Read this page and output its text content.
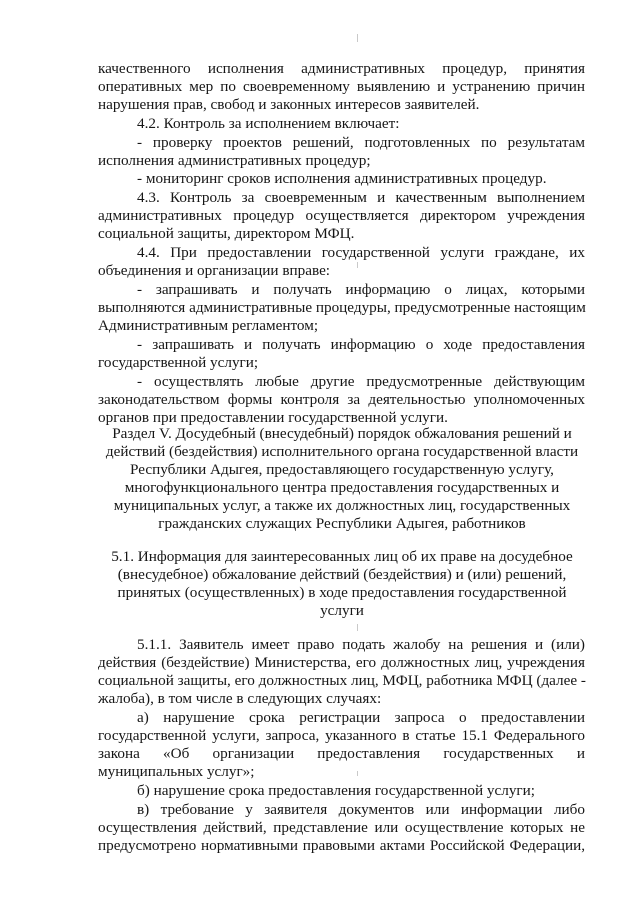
качественного исполнения административных процедур, принятия
оперативных мер по своевременному выявлению и устранению причин
нарушения прав, свобод и законных интересов заявителей.
4.2. Контроль за исполнением включает:
- проверку проектов решений, подготовленных по результатам
исполнения административных процедур;
- мониторинг сроков исполнения административных процедур.
4.3. Контроль за своевременным и качественным выполнением
административных процедур осуществляется директором учреждения
социальной защиты, директором МФЦ.
4.4. При предоставлении государственной услуги граждане, их
объединения и организации вправе:
- запрашивать и получать информацию о лицах, которыми
выполняются административные процедуры, предусмотренные настоящим
Административным регламентом;
- запрашивать и получать информацию о ходе предоставления
государственной услуги;
- осуществлять любые другие предусмотренные действующим
законодательством формы контроля за деятельностью уполномоченных
органов при предоставлении государственной услуги.
Раздел V. Досудебный (внесудебный) порядок обжалования решений и
действий (бездействия) исполнительного органа государственной власти
Республики Адыгея, предоставляющего государственную услугу,
многофункционального центра предоставления государственных и
муниципальных услуг, а также их должностных лиц, государственных
гражданских служащих Республики Адыгея, работников
5.1. Информация для заинтересованных лиц об их праве на досудебное
(внесудебное) обжалование действий (бездействия) и (или) решений,
принятых (осуществленных) в ходе предоставления государственной
услуги
5.1.1. Заявитель имеет право подать жалобу на решения и (или)
действия (бездействие) Министерства, его должностных лиц, учреждения
социальной защиты, его должностных лиц, МФЦ, работника МФЦ (далее -
жалоба), в том числе в следующих случаях:
а) нарушение срока регистрации запроса о предоставлении
государственной услуги, запроса, указанного в статье 15.1 Федерального
закона «Об организации предоставления государственных и
муниципальных услуг»;
б) нарушение срока предоставления государственной услуги;
в) требование у заявителя документов или информации либо
осуществления действий, представление или осуществление которых не
предусмотрено нормативными правовыми актами Российской Федерации,
